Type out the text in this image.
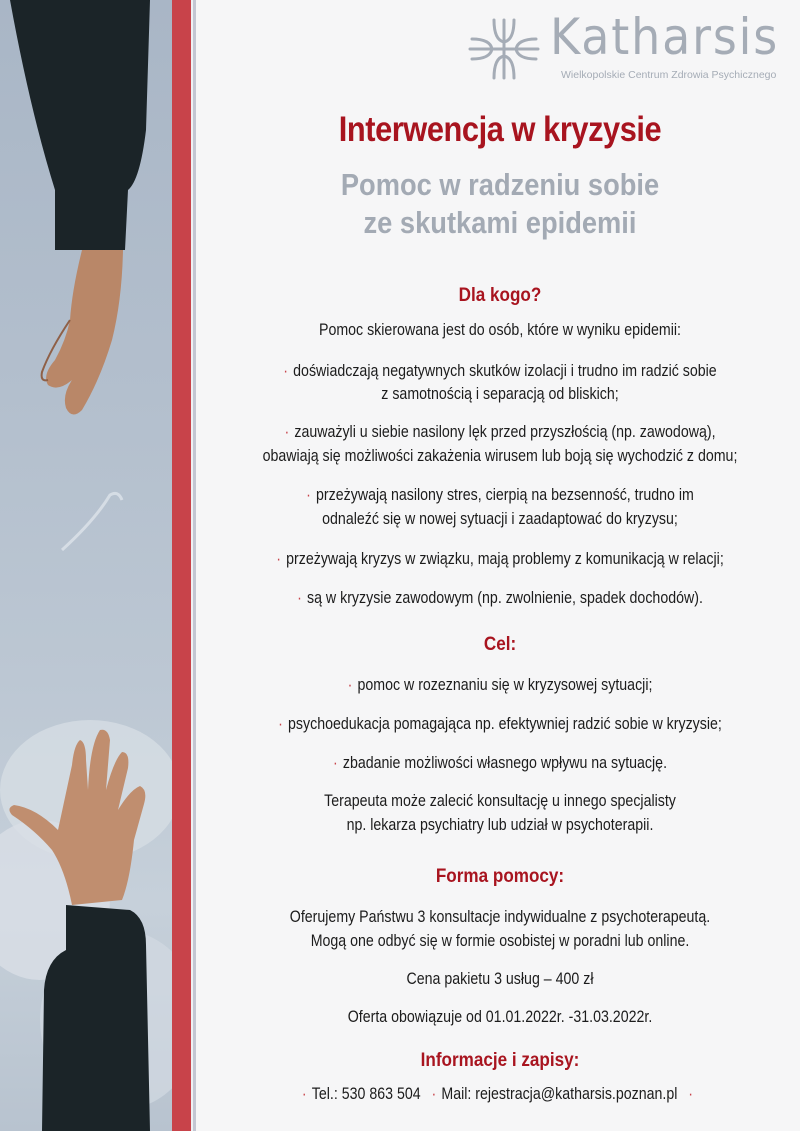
Katharsis
Wielkopolskie Centrum Zdrowia Psychicznego
Interwencja w kryzysie
Pomoc w radzeniu sobie
ze skutkami epidemii
Dla kogo?
Pomoc skierowana jest do osób, które w wyniku epidemii:
· doświadczają negatywnych skutków izolacji i trudno im radzić sobie
z samotnością i separacją od bliskich;
· zauważyli u siebie nasilony lęk przed przyszłością (np. zawodową),
obawiają się możliwości zakażenia wirusem lub boją się wychodzić z domu;
· przeżywają nasilony stres, cierpią na bezsenność, trudno im
odnaleźć się w nowej sytuacji i zaadaptować do kryzysu;
· przeżywają kryzys w związku, mają problemy z komunikacją w relacji;
· są w kryzysie zawodowym (np. zwolnienie, spadek dochodów).
Cel:
· pomoc w rozeznaniu się w kryzysowej sytuacji;
· psychoedukacja pomagająca np. efektywniej radzić sobie w kryzysie;
· zbadanie możliwości własnego wpływu na sytuację.
Terapeuta może zalecić konsultację u innego specjalisty
np. lekarza psychiatry lub udział w psychoterapii.
Forma pomocy:
Oferujemy Państwu 3 konsultacje indywidualne z psychoterapeutą.
Mogą one odbyć się w formie osobistej w poradni lub online.
Cena pakietu 3 usług – 400 zł
Oferta obowiązuje od 01.01.2022r. -31.03.2022r.
Informacje i zapisy:
· Tel.: 530 863 504 · Mail: rejestracja@katharsis.poznan.pl ·
